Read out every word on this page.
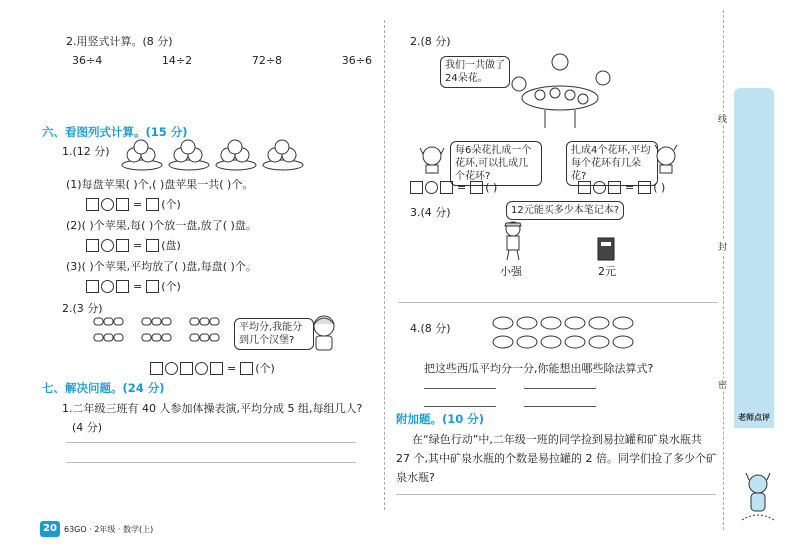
2.用竖式计算。(8 分)
36÷4	14÷2	72÷8	36÷6
六、看图列式计算。(15 分)
1.(12 分)
(1)每盘苹果( )个,( )盘苹果一共( )个。
= (个)
(2)( )个苹果,每( )个放一盘,放了( )盘。
= (盘)
(3)( )个苹果,平均放了( )盘,每盘( )个。
= (个)
2.(3 分)
平均分,我能分到几个汉堡?
= (个)
七、解决问题。(24 分)
1.二年级三班有 40 人参加体操表演,平均分成 5 组,每组几人?
(4 分)
20 63GO · 2年级 · 数学(上)
2.(8 分)
我们一共做了24朵花。
每6朵花扎成一个花环,可以扎成几个花环?
扎成4个花环,平均每个花环有几朵花?
= ( )	= ( )
3.(4 分)	12元能买多少本笔记本?
小强	2元
4.(8 分)
把这些西瓜平均分一分,你能想出哪些除法算式?
附加题。(10 分)
在“绿色行动”中,二年级一班的同学捡到易拉罐和矿泉水瓶共
27 个,其中矿泉水瓶的个数是易拉罐的 2 倍。同学们捡了多少个矿
泉水瓶?
线
封
密
老师点评
